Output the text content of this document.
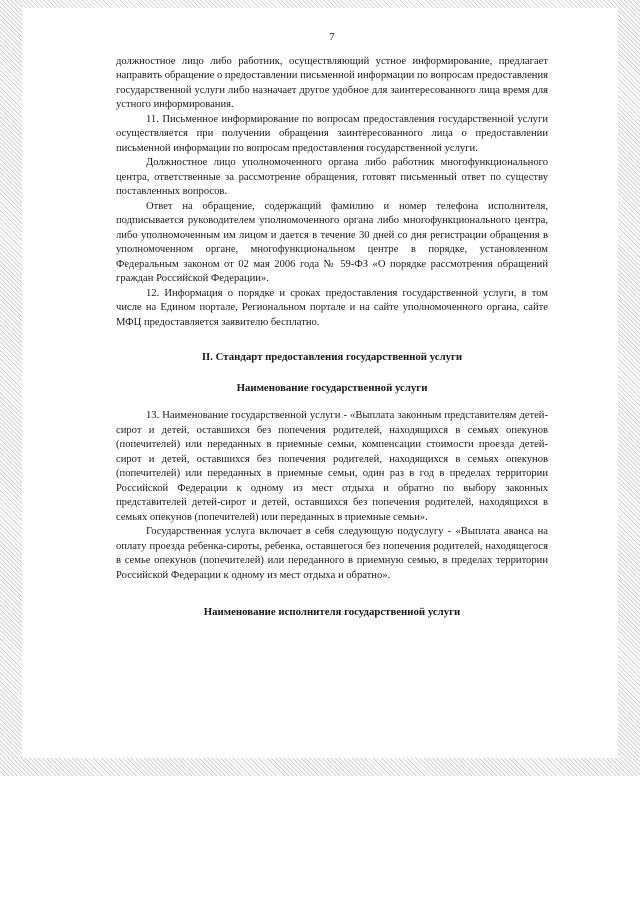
7

должностное лицо либо работник, осуществляющий устное информирование, предлагает направить обращение о предоставлении письменной информации по вопросам предоставления государственной услуги либо назначает другое удобное для заинтересованного лица время для устного информирования.

11. Письменное информирование по вопросам предоставления государственной услуги осуществляется при получении обращения заинтересованного лица о предоставлении письменной информации по вопросам предоставления государственной услуги.

Должностное лицо уполномоченного органа либо работник многофункционального центра, ответственные за рассмотрение обращения, готовят письменный ответ по существу поставленных вопросов.

Ответ на обращение, содержащий фамилию и номер телефона исполнителя, подписывается руководителем уполномоченного органа либо многофункционального центра, либо уполномоченным им лицом и дается в течение 30 дней со дня регистрации обращения в уполномоченном органе, многофункциональном центре в порядке, установленном Федеральным законом от 02 мая 2006 года № 59-ФЗ «О порядке рассмотрения обращений граждан Российской Федерации».

12. Информация о порядке и сроках предоставления государственной услуги, в том числе на Едином портале, Региональном портале и на сайте уполномоченного органа, сайте МФЦ предоставляется заявителю бесплатно.

II. Стандарт предоставления государственной услуги
Наименование государственной услуги

13. Наименование государственной услуги - «Выплата законным представителям детей-сирот и детей, оставшихся без попечения родителей, находящихся в семьях опекунов (попечителей) или переданных в приемные семьи, компенсации стоимости проезда детей-сирот и детей, оставшихся без попечения родителей, находящихся в семьях опекунов (попечителей) или переданных в приемные семьи, один раз в год в пределах территории Российской Федерации к одному из мест отдыха и обратно по выбору законных представителей детей-сирот и детей, оставшихся без попечения родителей, находящихся в семьях опекунов (попечителей) или переданных в приемные семьи».

Государственная услуга включает в себя следующую подуслугу - «Выплата аванса на оплату проезда ребенка-сироты, ребенка, оставшегося без попечения родителей, находящегося в семье опекунов (попечителей) или переданного в приемную семью, в пределах территории Российской Федерации к одному из мест отдыха и обратно».

Наименование исполнителя государственной услуги
